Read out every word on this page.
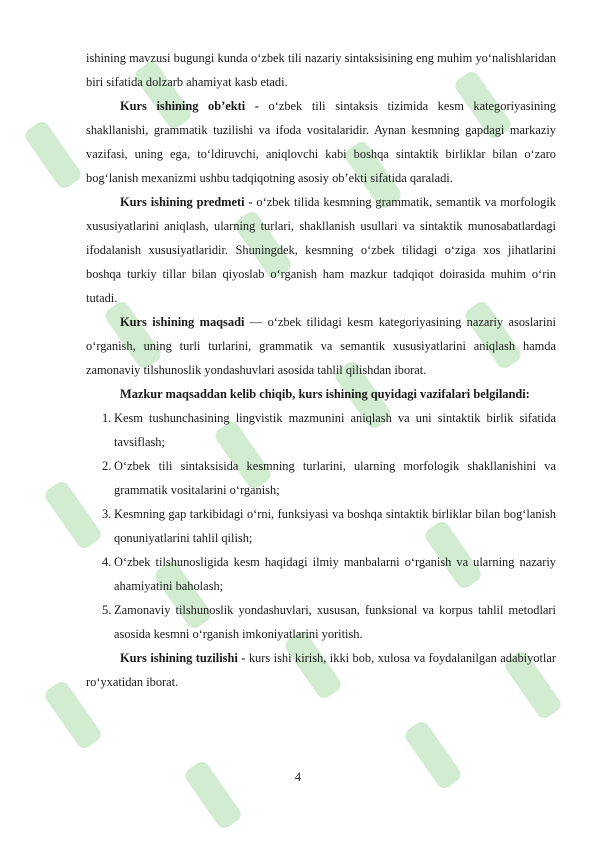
ishining mavzusi bugungi kunda o‘zbek tili nazariy sintaksisining eng muhim yo‘nalishlaridan biri sifatida dolzarb ahamiyat kasb etadi.

Kurs ishining ob’ekti - o‘zbek tili sintaksis tizimida kesm kategoriyasining shakllanishi, grammatik tuzilishi va ifoda vositalaridir. Aynan kesmning gapdagi markaziy vazifasi, uning ega, to‘ldiruvchi, aniqlovchi kabi boshqa sintaktik birliklar bilan o‘zaro bog‘lanish mexanizmi ushbu tadqiqotning asosiy ob’ekti sifatida qaraladi.

Kurs ishining predmeti - o‘zbek tilida kesmning grammatik, semantik va morfologik xususiyatlarini aniqlash, ularning turlari, shakllanish usullari va sintaktik munosabatlardagi ifodalanish xususiyatlaridir. Shuningdek, kesmning o‘zbek tilidagi o‘ziga xos jihatlarini boshqa turkiy tillar bilan qiyoslab o‘rganish ham mazkur tadqiqot doirasida muhim o‘rin tutadi.

Kurs ishining maqsadi — o‘zbek tilidagi kesm kategoriyasining nazariy asoslarini o‘rganish, uning turli turlarini, grammatik va semantik xususiyatlarini aniqlash hamda zamonaviy tilshunoslik yondashuvlari asosida tahlil qilishdan iborat.

Mazkur maqsaddan kelib chiqib, kurs ishining quyidagi vazifalari belgilandi:

1. Kesm tushunchasining lingvistik mazmunini aniqlash va uni sintaktik birlik sifatida tavsiflash;
2. O‘zbek tili sintaksisida kesmning turlarini, ularning morfologik shakllanishini va grammatik vositalarini o‘rganish;
3. Kesmning gap tarkibidagi o‘rni, funksiyasi va boshqa sintaktik birliklar bilan bog‘lanish qonuniyatlarini tahlil qilish;
4. O‘zbek tilshunosligida kesm haqidagi ilmiy manbalarni o‘rganish va ularning nazariy ahamiyatini baholash;
5. Zamonaviy tilshunoslik yondashuvlari, xususan, funksional va korpus tahlil metodlari asosida kesmni o‘rganish imkoniyatlarini yoritish.

Kurs ishining tuzilishi - kurs ishi kirish, ikki bob, xulosa va foydalanilgan adabiyotlar ro‘yxatidan iborat.

4
